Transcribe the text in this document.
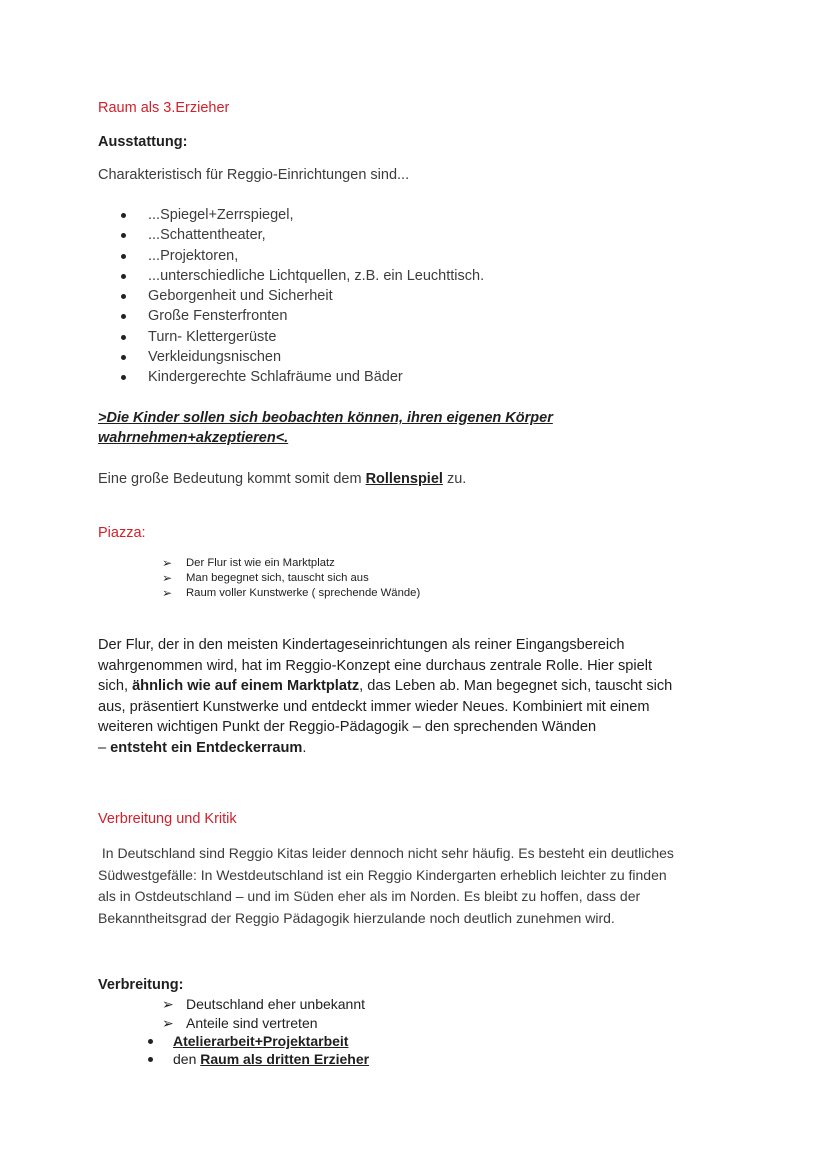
Raum als 3.Erzieher
Ausstattung:
Charakteristisch für Reggio-Einrichtungen sind...
...Spiegel+Zerrspiegel,
...Schattentheater,
...Projektoren,
...unterschiedliche Lichtquellen, z.B. ein Leuchttisch.
Geborgenheit und Sicherheit
Große Fensterfronten
Turn- Klettergerüste
Verkleidungsnischen
Kindergerechte Schlafräume und Bäder
>Die Kinder sollen sich beobachten können, ihren eigenen Körper
wahrnehmen+akzeptieren<.
Eine große Bedeutung kommt somit dem Rollenspiel zu.
Piazza:
➢ Der Flur ist wie ein Marktplatz
➢ Man begegnet sich, tauscht sich aus
➢ Raum voller Kunstwerke ( sprechende Wände)
Der Flur, der in den meisten Kindertageseinrichtungen als reiner Eingangsbereich
wahrgenommen wird, hat im Reggio-Konzept eine durchaus zentrale Rolle. Hier spielt
sich, ähnlich wie auf einem Marktplatz, das Leben ab. Man begegnet sich, tauscht sich
aus, präsentiert Kunstwerke und entdeckt immer wieder Neues. Kombiniert mit einem
weiteren wichtigen Punkt der Reggio-Pädagogik – den sprechenden Wänden
– entsteht ein Entdeckerraum.
Verbreitung und Kritik
In Deutschland sind Reggio Kitas leider dennoch nicht sehr häufig. Es besteht ein deutliches
Südwestgefälle: In Westdeutschland ist ein Reggio Kindergarten erheblich leichter zu finden
als in Ostdeutschland – und im Süden eher als im Norden. Es bleibt zu hoffen, dass der
Bekanntheitsgrad der Reggio Pädagogik hierzulande noch deutlich zunehmen wird.
Verbreitung:
➢ Deutschland eher unbekannt
➢ Anteile sind vertreten
Atelierarbeit+Projektarbeit
den Raum als dritten Erzieher
